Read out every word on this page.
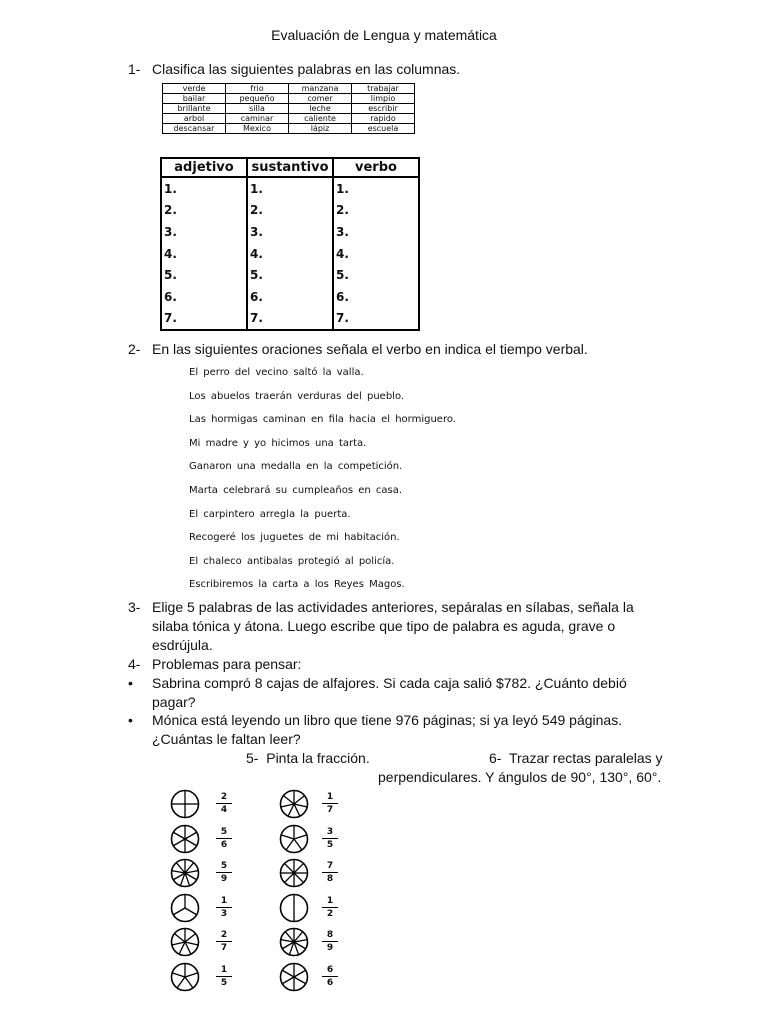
Evaluación de Lengua y matemática
1- Clasifica las siguientes palabras en las columnas.
verde	frio	manzana	trabajar
bailar	pequeño	comer	limpio
brillante	silla	leche	escribir
arbol	caminar	caliente	rapido
descansar	Mexico	lápiz	escuela
adjetivo	sustantivo	verbo
1.	1.	1.
2.	2.	2.
3.	3.	3.
4.	4.	4.
5.	5.	5.
6.	6.	6.
7.	7.	7.
2- En las siguientes oraciones señala el verbo en indica el tiempo verbal.
El perro del vecino saltó la valla.
Los abuelos traerán verduras del pueblo.
Las hormigas caminan en fila hacia el hormiguero.
Mi madre y yo hicimos una tarta.
Ganaron una medalla en la competición.
Marta celebrará su cumpleaños en casa.
El carpintero arregla la puerta.
Recogeré los juguetes de mi habitación.
El chaleco antibalas protegió al policía.
Escribiremos la carta a los Reyes Magos.
3- Elige 5 palabras de las actividades anteriores, sepáralas en sílabas, señala la
silaba tónica y átona. Luego escribe que tipo de palabra es aguda, grave o
esdrújula.
4- Problemas para pensar:
• Sabrina compró 8 cajas de alfajores. Si cada caja salió $782. ¿Cuánto debió
pagar?
• Mónica está leyendo un libro que tiene 976 páginas; si ya leyó 549 páginas.
¿Cuántas le faltan leer?
5- Pinta la fracción.	6- Trazar rectas paralelas y
perpendiculares. Y ángulos de 90°, 130°, 60°.
2
4
5
6
5
9
1
3
2
7
1
5
1
7
3
5
7
8
1
2
8
9
6
6
